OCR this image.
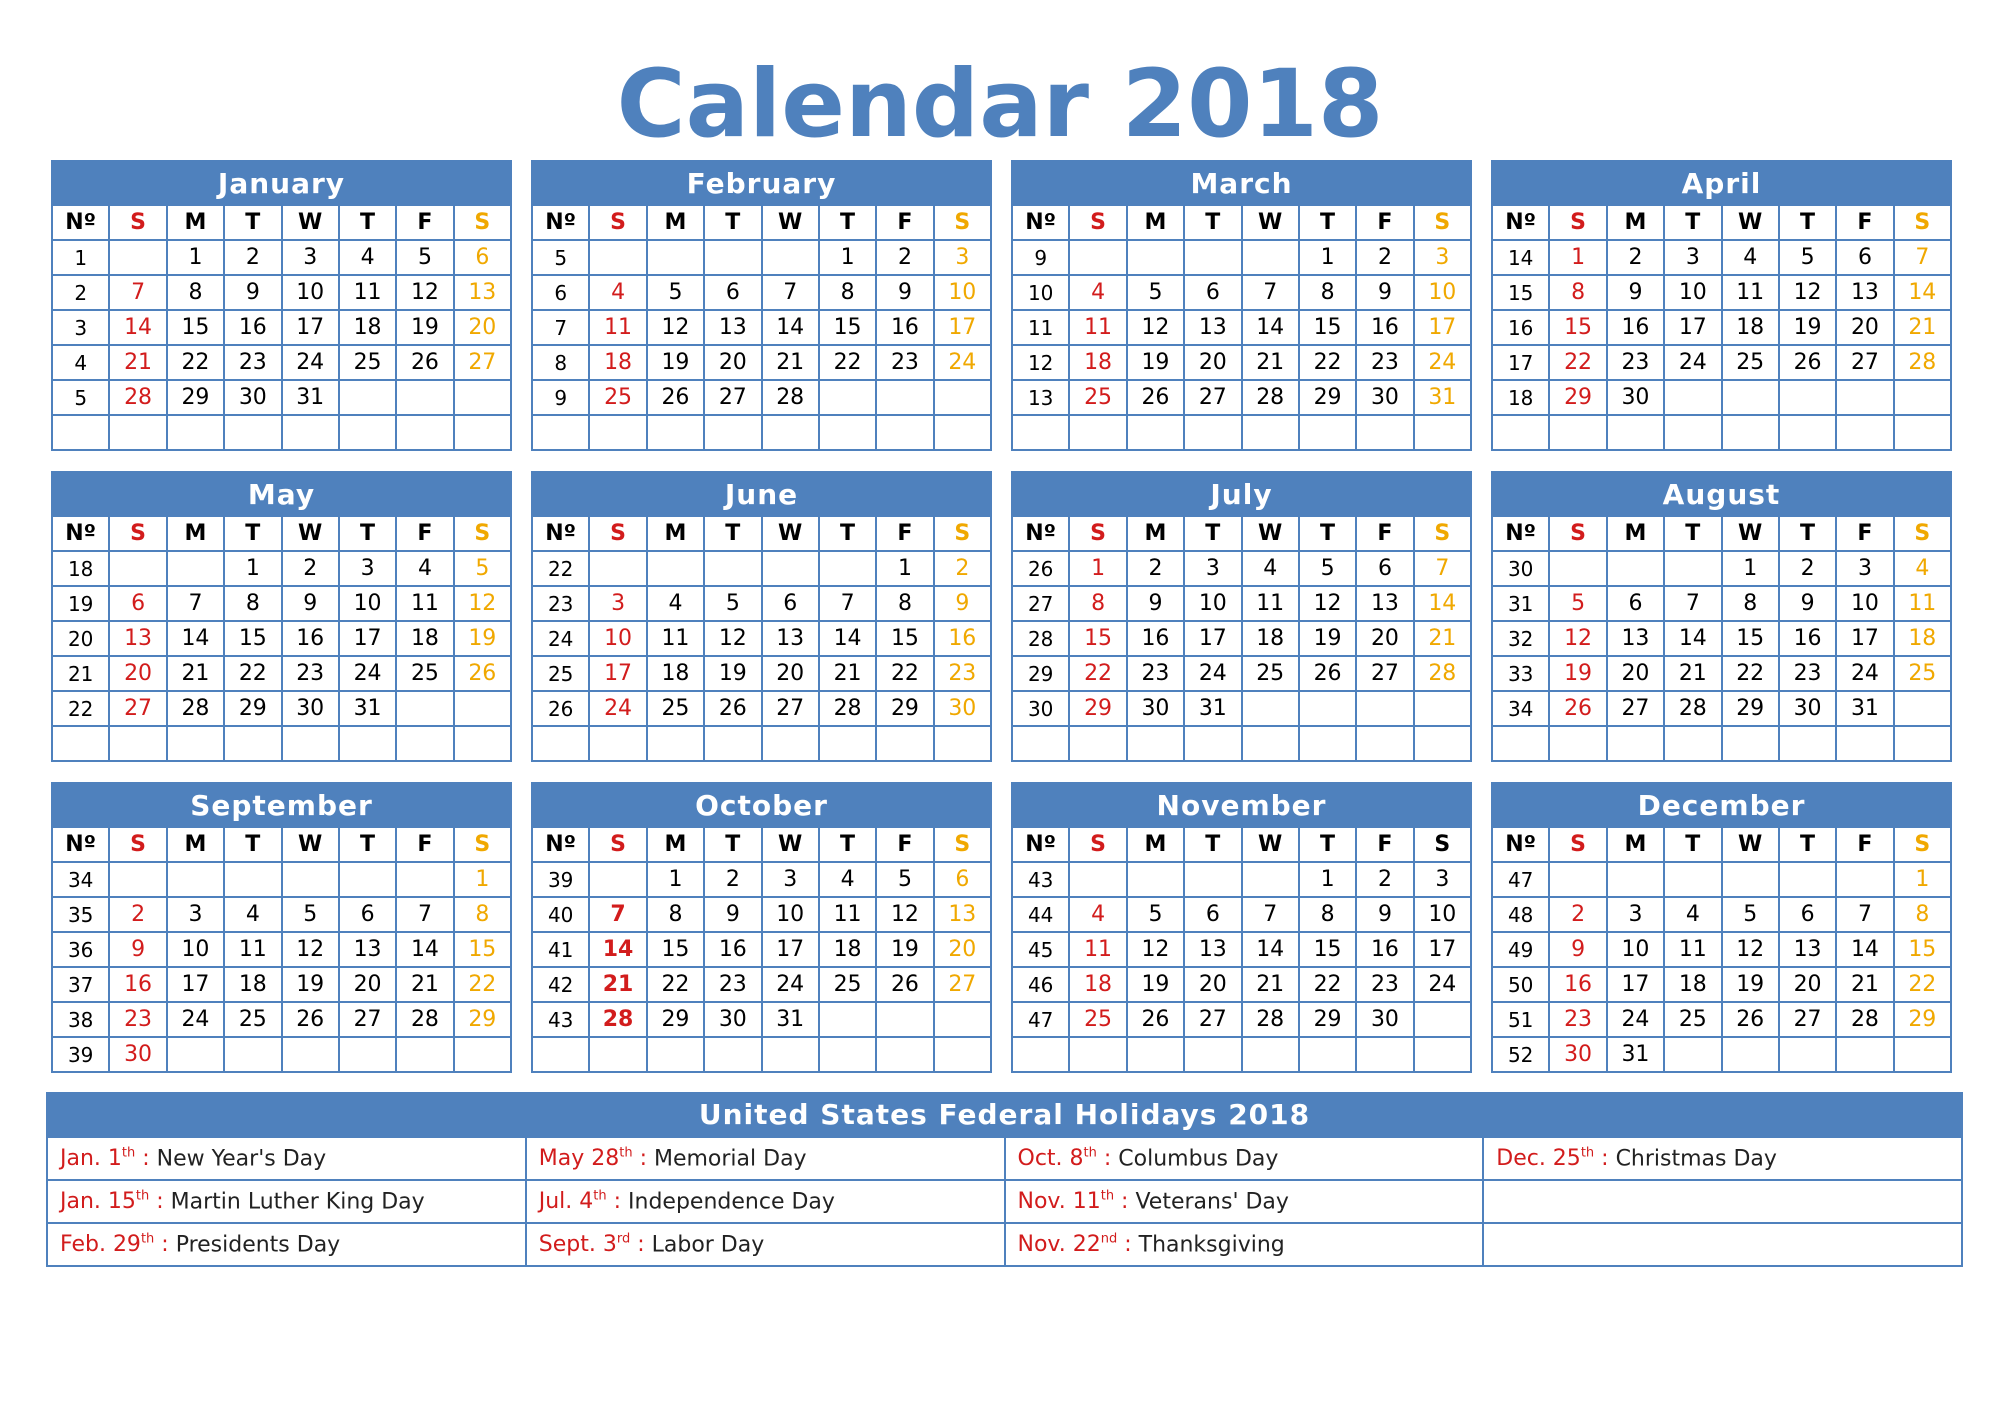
Calendar 2018
January
Nº	S	M	T	W	T	F	S
1		1	2	3	4	5	6
2	7	8	9	10	11	12	13
3	14	15	16	17	18	19	20
4	21	22	23	24	25	26	27
5	28	29	30	31			

February
Nº	S	M	T	W	T	F	S
5					1	2	3
6	4	5	6	7	8	9	10
7	11	12	13	14	15	16	17
8	18	19	20	21	22	23	24
9	25	26	27	28			

March
Nº	S	M	T	W	T	F	S
9					1	2	3
10	4	5	6	7	8	9	10
11	11	12	13	14	15	16	17
12	18	19	20	21	22	23	24
13	25	26	27	28	29	30	31

April
Nº	S	M	T	W	T	F	S
14	1	2	3	4	5	6	7
15	8	9	10	11	12	13	14
16	15	16	17	18	19	20	21
17	22	23	24	25	26	27	28
18	29	30					

May
Nº	S	M	T	W	T	F	S
18			1	2	3	4	5
19	6	7	8	9	10	11	12
20	13	14	15	16	17	18	19
21	20	21	22	23	24	25	26
22	27	28	29	30	31		

June
Nº	S	M	T	W	T	F	S
22						1	2
23	3	4	5	6	7	8	9
24	10	11	12	13	14	15	16
25	17	18	19	20	21	22	23
26	24	25	26	27	28	29	30

July
Nº	S	M	T	W	T	F	S
26	1	2	3	4	5	6	7
27	8	9	10	11	12	13	14
28	15	16	17	18	19	20	21
29	22	23	24	25	26	27	28
30	29	30	31				

August
Nº	S	M	T	W	T	F	S
30				1	2	3	4
31	5	6	7	8	9	10	11
32	12	13	14	15	16	17	18
33	19	20	21	22	23	24	25
34	26	27	28	29	30	31	

September
Nº	S	M	T	W	T	F	S
34							1
35	2	3	4	5	6	7	8
36	9	10	11	12	13	14	15
37	16	17	18	19	20	21	22
38	23	24	25	26	27	28	29
39	30						
October
Nº	S	M	T	W	T	F	S
39		1	2	3	4	5	6
40	7	8	9	10	11	12	13
41	14	15	16	17	18	19	20
42	21	22	23	24	25	26	27
43	28	29	30	31			

November
Nº	S	M	T	W	T	F	S
43					1	2	3
44	4	5	6	7	8	9	10
45	11	12	13	14	15	16	17
46	18	19	20	21	22	23	24
47	25	26	27	28	29	30	

December
Nº	S	M	T	W	T	F	S
47							1
48	2	3	4	5	6	7	8
49	9	10	11	12	13	14	15
50	16	17	18	19	20	21	22
51	23	24	25	26	27	28	29
52	30	31					
United States Federal Holidays 2018
Jan. 1th : New Year's Day	May 28th : Memorial Day	Oct. 8th : Columbus Day	Dec. 25th : Christmas Day
Jan. 15th : Martin Luther King Day	Jul. 4th : Independence Day	Nov. 11th : Veterans' Day	
Feb. 29th : Presidents Day	Sept. 3rd : Labor Day	Nov. 22nd : Thanksgiving	
